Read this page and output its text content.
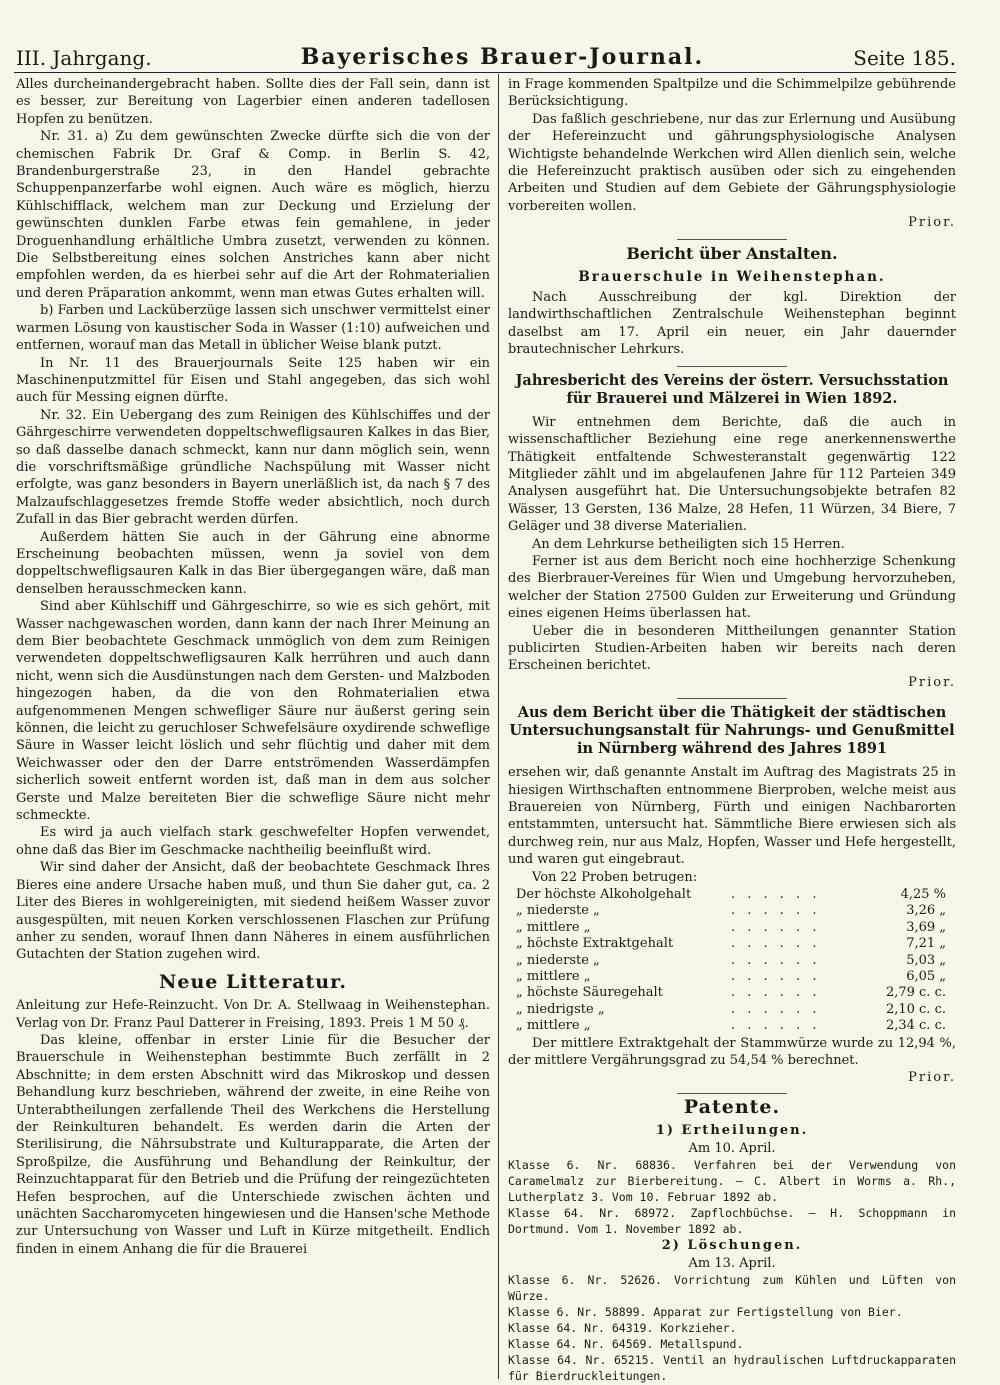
III. Jahrgang.	Bayerisches Brauer-Journal.	Seite 185.

Alles durcheinandergebracht haben. Sollte dies der Fall sein, dann ist es besser, zur Bereitung von Lagerbier einen anderen tadellosen Hopfen zu benützen.

Nr. 31. a) Zu dem gewünschten Zwecke dürfte sich die von der chemischen Fabrik Dr. Graf & Comp. in Berlin S. 42, Brandenburgerstraße 23, in den Handel gebrachte Schuppenpanzerfarbe wohl eignen. Auch wäre es möglich, hierzu Kühlschifflack, welchem man zur Deckung und Erzielung der gewünschten dunklen Farbe etwas fein gemahlene, in jeder Droguenhandlung erhältliche Umbra zusetzt, verwenden zu können. Die Selbstbereitung eines solchen Anstriches kann aber nicht empfohlen werden, da es hierbei sehr auf die Art der Rohmaterialien und deren Präparation ankommt, wenn man etwas Gutes erhalten will.

b) Farben und Lacküberzüge lassen sich unschwer vermittelst einer warmen Lösung von kaustischer Soda in Wasser (1:10) aufweichen und entfernen, worauf man das Metall in üblicher Weise blank putzt.

In Nr. 11 des Brauerjournals Seite 125 haben wir ein Maschinenputzmittel für Eisen und Stahl angegeben, das sich wohl auch für Messing eignen dürfte.

Nr. 32. Ein Uebergang des zum Reinigen des Kühlschiffes und der Gährgeschirre verwendeten doppeltschwefligsauren Kalkes in das Bier, so daß dasselbe danach schmeckt, kann nur dann möglich sein, wenn die vorschriftsmäßige gründliche Nachspülung mit Wasser nicht erfolgte, was ganz besonders in Bayern unerläßlich ist, da nach § 7 des Malzaufschlaggesetzes fremde Stoffe weder absichtlich, noch durch Zufall in das Bier gebracht werden dürfen.

Außerdem hätten Sie auch in der Gährung eine abnorme Erscheinung beobachten müssen, wenn ja soviel von dem doppeltschwefligsauren Kalk in das Bier übergegangen wäre, daß man denselben herausschmecken kann.

Sind aber Kühlschiff und Gährgeschirre, so wie es sich gehört, mit Wasser nachgewaschen worden, dann kann der nach Ihrer Meinung an dem Bier beobachtete Geschmack unmöglich von dem zum Reinigen verwendeten doppeltschwefligsauren Kalk herrühren und auch dann nicht, wenn sich die Ausdünstungen nach dem Gersten- und Malzboden hingezogen haben, da die von den Rohmaterialien etwa aufgenommenen Mengen schwefliger Säure nur äußerst gering sein können, die leicht zu geruchloser Schwefelsäure oxydirende schweflige Säure in Wasser leicht löslich und sehr flüchtig und daher mit dem Weichwasser oder den der Darre entströmenden Wasserdämpfen sicherlich soweit entfernt worden ist, daß man in dem aus solcher Gerste und Malze bereiteten Bier die schweflige Säure nicht mehr schmeckte.

Es wird ja auch vielfach stark geschwefelter Hopfen verwendet, ohne daß das Bier im Geschmacke nachtheilig beeinflußt wird.

Wir sind daher der Ansicht, daß der beobachtete Geschmack Ihres Bieres eine andere Ursache haben muß, und thun Sie daher gut, ca. 2 Liter des Bieres in wohlgereinigten, mit siedend heißem Wasser zuvor ausgespülten, mit neuen Korken verschlossenen Flaschen zur Prüfung anher zu senden, worauf Ihnen dann Näheres in einem ausführlichen Gutachten der Station zugehen wird.

Neue Litteratur.

Anleitung zur Hefe-Reinzucht. Von Dr. A. Stellwaag in Weihenstephan. Verlag von Dr. Franz Paul Datterer in Freising, 1893. Preis 1 M 50 ₰.

Das kleine, offenbar in erster Linie für die Besucher der Brauerschule in Weihenstephan bestimmte Buch zerfällt in 2 Abschnitte; in dem ersten Abschnitt wird das Mikroskop und dessen Behandlung kurz beschrieben, während der zweite, in eine Reihe von Unterabtheilungen zerfallende Theil des Werkchens die Herstellung der Reinkulturen behandelt. Es werden darin die Arten der Sterilisirung, die Nährsubstrate und Kulturapparate, die Arten der Sproßpilze, die Ausführung und Behandlung der Reinkultur, der Reinzuchtapparat für den Betrieb und die Prüfung der reingezüchteten Hefen besprochen, auf die Unterschiede zwischen ächten und unächten Saccharomyceten hingewiesen und die Hansen'sche Methode zur Untersuchung von Wasser und Luft in Kürze mitgetheilt. Endlich finden in einem Anhang die für die Brauerei

in Frage kommenden Spaltpilze und die Schimmelpilze gebührende Berücksichtigung.

Das faßlich geschriebene, nur das zur Erlernung und Ausübung der Hefereinzucht und gährungsphysiologische Analysen Wichtigste behandelnde Werkchen wird Allen dienlich sein, welche die Hefereinzucht praktisch ausüben oder sich zu eingehenden Arbeiten und Studien auf dem Gebiete der Gährungsphysiologie vorbereiten wollen.

Prior.
Bericht über Anstalten.
Brauerschule in Weihenstephan.

Nach Ausschreibung der kgl. Direktion der landwirthschaftlichen Zentralschule Weihenstephan beginnt daselbst am 17. April ein neuer, ein Jahr dauernder brautechnischer Lehrkurs.

Jahresbericht des Vereins der österr. Versuchsstation für Brauerei und Mälzerei in Wien 1892.

Wir entnehmen dem Berichte, daß die auch in wissenschaftlicher Beziehung eine rege anerkennenswerthe Thätigkeit entfaltende Schwesteranstalt gegenwärtig 122 Mitglieder zählt und im abgelaufenen Jahre für 112 Parteien 349 Analysen ausgeführt hat. Die Untersuchungsobjekte betrafen 82 Wässer, 13 Gersten, 136 Malze, 28 Hefen, 11 Würzen, 34 Biere, 7 Geläger und 38 diverse Materialien.

An dem Lehrkurse betheiligten sich 15 Herren.

Ferner ist aus dem Bericht noch eine hochherzige Schenkung des Bierbrauer-Vereines für Wien und Umgebung hervorzuheben, welcher der Station 27500 Gulden zur Erweiterung und Gründung eines eigenen Heims überlassen hat.

Ueber die in besonderen Mittheilungen genannter Station publicirten Studien-Arbeiten haben wir bereits nach deren Erscheinen berichtet.

Prior.
Aus dem Bericht über die Thätigkeit der städtischen Untersuchungsanstalt für Nahrungs- und Genußmittel in Nürnberg während des Jahres 1891

ersehen wir, daß genannte Anstalt im Auftrag des Magistrats 25 in hiesigen Wirthschaften entnommene Bierproben, welche meist aus Brauereien von Nürnberg, Fürth und einigen Nachbarorten entstammten, untersucht hat. Sämmtliche Biere erwiesen sich als durchweg rein, nur aus Malz, Hopfen, Wasser und Hefe hergestellt, und waren gut eingebraut.

Von 22 Proben betrugen:

Der höchste Alkoholgehalt	. . . . . .	4,25 %
„ niederste „	. . . . . .	3,26 „
„ mittlere „	. . . . . .	3,69 „
„ höchste Extraktgehalt	. . . . . .	7,21 „
„ niederste „	. . . . . .	5,03 „
„ mittlere „	. . . . . .	6,05 „
„ höchste Säuregehalt	. . . . . .	2,79 c. c.
„ niedrigste „	. . . . . .	2,10 c. c.
„ mittlere „	. . . . . .	2,34 c. c.

Der mittlere Extraktgehalt der Stammwürze wurde zu 12,94 %, der mittlere Vergährungsgrad zu 54,54 % berechnet.

Prior.
Patente.
1) Ertheilungen.
Am 10. April.

Klasse 6. Nr. 68836. Verfahren bei der Verwendung von Caramelmalz zur Bierbereitung. — C. Albert in Worms a. Rh., Lutherplatz 3. Vom 10. Februar 1892 ab.

Klasse 64. Nr. 68972. Zapflochbüchse. — H. Schoppmann in Dortmund. Vom 1. November 1892 ab.

2) Löschungen.
Am 13. April.

Klasse 6. Nr. 52626. Vorrichtung zum Kühlen und Lüften von Würze.

Klasse 6. Nr. 58899. Apparat zur Fertigstellung von Bier.

Klasse 64. Nr. 64319. Korkzieher.

Klasse 64. Nr. 64569. Metallspund.

Klasse 64. Nr. 65215. Ventil an hydraulischen Luftdruckapparaten für Bierdruckleitungen.
